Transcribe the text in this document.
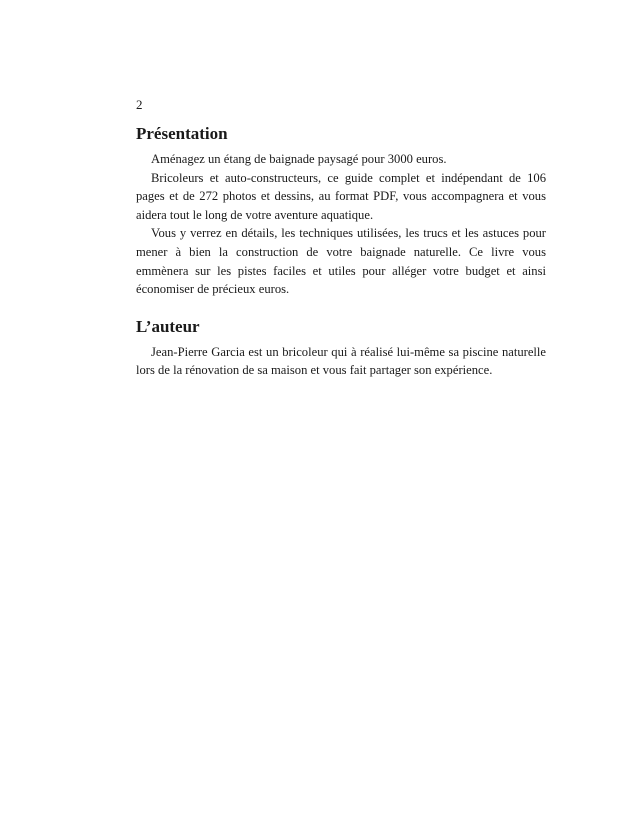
2
Présentation

Aménagez un étang de baignade paysagé pour 3000 euros.

Bricoleurs et auto-constructeurs, ce guide complet et indépendant de 106 pages et de 272 photos et dessins, au format PDF, vous accompagnera et vous aidera tout le long de votre aventure aquatique.

Vous y verrez en détails, les techniques utilisées, les trucs et les astuces pour mener à bien la construction de votre baignade naturelle. Ce livre vous emmènera sur les pistes faciles et utiles pour alléger votre budget et ainsi économiser de précieux euros.

L’auteur

Jean-Pierre Garcia est un bricoleur qui à réalisé lui-même sa piscine naturelle lors de la rénovation de sa maison et vous fait partager son expérience.
